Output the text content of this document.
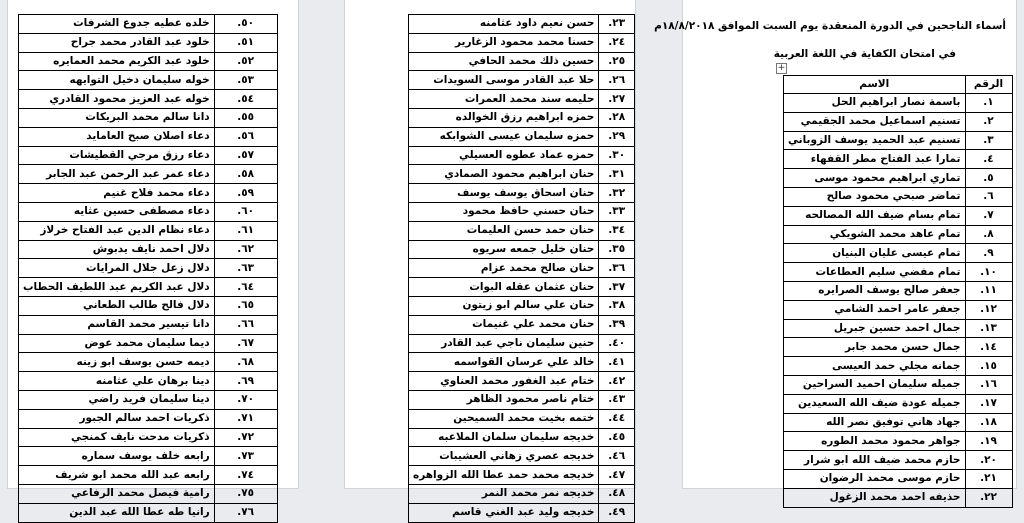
٥٠.	خلده عطيه جدوع الشرفات
٥١.	خلود عبد القادر محمد جراح
٥٢.	خلود عبد الكريم محمد العمايره
٥٣.	خوله سليمان دخيل التوايهه
٥٤.	خوله عبد العزيز محمود القادري
٥٥.	دانا سالم محمد البريكات
٥٦.	دعاء اصلان صبح العامايد
٥٧.	دعاء رزق مرجي القطيشات
٥٨.	دعاء عمر عبد الرحمن عبد الجابر
٥٩.	دعاء محمد فلاح غنيم
٦٠.	دعاء مصطفى حسين عثايه
٦١.	دعاء نظام الدين عبد الفتاح خرلاز
٦٢.	دلال احمد نايف يدبوش
٦٣.	دلال زعل جلال المرايات
٦٤.	دلال عبد الكريم عبد اللطيف الحطاب
٦٥.	دلال فالح طالب الطعاني
٦٦.	دانا تيسير محمد القاسم
٦٧.	ديما سليمان محمد عوض
٦٨.	ديمه حسن يوسف ابو زينه
٦٩.	دينا برهان علي عثامنه
٧٠.	دينا سليمان فريد راضي
٧١.	ذكريات احمد سالم الجبور
٧٢.	ذكريات مدحت نايف كمنجي
٧٣.	رابعه خلف يوسف سماره
٧٤.	رابعه عبد الله محمد ابو شريف
٧٥.	رامية فيصل محمد الرفاعي
٧٦.	رانيا طه عطا الله عبد الدين
٢٣.	حسن نعيم داود عثامنه
٢٤.	حسنا محمد محمود الزغارير
٢٥.	حسين ذلك محمد الحافي
٢٦.	حلا عبد القادر موسى السويدات
٢٧.	حليمه سند محمد العمرات
٢٨.	حمزه ابراهيم رزق الخوالده
٢٩.	حمزه سليمان عيسى الشوابكه
٣٠.	حمزه عماد عطوه العسيلي
٣١.	حنان ابراهيم محمود الصمادي
٣٢.	حنان اسحاق يوسف يوسف
٣٣.	حنان حسني حافظ محمود
٣٤.	حنان حمد حسن العليمات
٣٥.	حنان خليل جمعه سريوه
٣٦.	حنان صالح محمد عزام
٣٧.	حنان عثمان عقله البوات
٣٨.	حنان علي سالم ابو زيتون
٣٩.	حنان محمد علي غنيمات
٤٠.	حنين سليمان ناجي عبد القادر
٤١.	خالد علي عرسان القواسمه
٤٢.	ختام عبد الغفور محمد العناوي
٤٣.	ختام ناصر محمود الظاهر
٤٤.	ختمه بخيت محمد السميحين
٤٥.	خديجه سليمان سلمان الملاعبه
٤٦.	خديجه عصري زهاني العشيبات
٤٧.	خديجه محمد حمد عطا الله الزواهره
٤٨.	خديجه نمر محمد النمر
٤٩.	خديجه وليد عبد الغني قاسم
أسماء الناجحين في الدورة المنعقدة يوم السبت الموافق ١٨/٨/٢٠١٨م
في امتحان الكفاية في اللغة العربية
+
الرقم	الاسم
١.	باسمة نصار ابراهيم الحل
٢.	تسنيم اسماعيل محمد الجقيمي
٣.	تسنيم عبد الحميد يوسف الزوباني
٤.	تمارا عبد الفتاح مطر القفهاء
٥.	تماري ابراهيم محمود موسى
٦.	تماضر صبحي محمود صالح
٧.	تمام بسام ضيف الله المصالحه
٨.	تمام عاهد محمد الشويكي
٩.	تمام عيسى عليان البنيان
١٠.	تمام مفضي سليم العطاعات
١١.	جعفر صالح يوسف الصرايره
١٢.	جعفر عامر احمد الشامي
١٣.	جمال احمد حسين جبريل
١٤.	جمال حسن محمد جابر
١٥.	جمانه مجلي حمد العيسى
١٦.	جميله سليمان احميد السراحين
١٧.	جميله عودة ضيف الله السعيدين
١٨.	جهاد هاني توفيق نصر الله
١٩.	جواهر محمود محمد الطوره
٢٠.	حازم محمد ضيف الله ابو شرار
٢١.	حازم موسى محمد الرضوان
٢٢.	حذيفه احمد محمد الزغول
